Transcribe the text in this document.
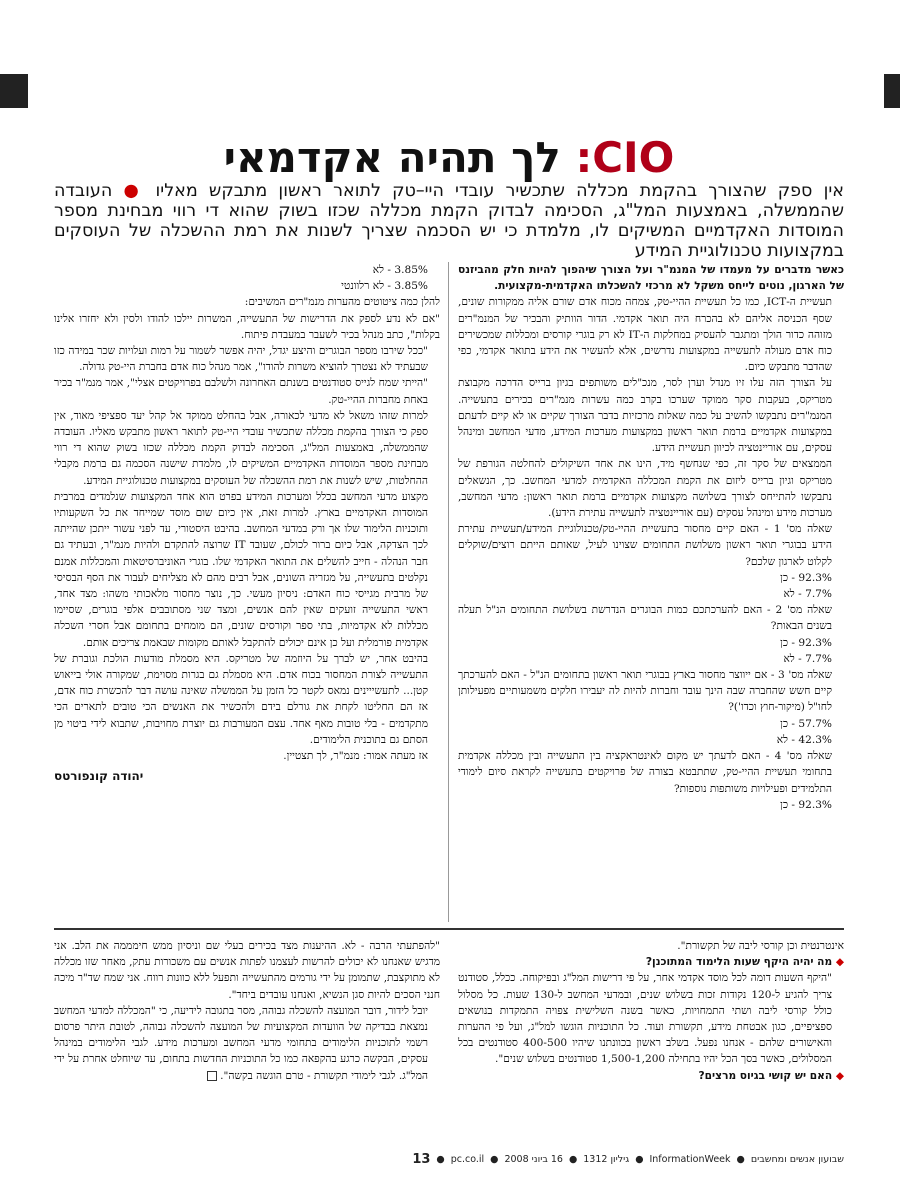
CIO: לך תהיה אקדמאי
אין ספק שהצורך בהקמת מכללה שתכשיר עובדי היי–טק לתואר ראשון מתבקש מאליו ● העובדה שהממשלה, באמצעות המל"ג, הסכימה לבדוק הקמת מכללה שכזו בשוק שהוא די רווי מבחינת מספר המוסדות האקדמיים המשיקים לו, מלמדת כי יש הסכמה שצריך לשנות את רמת ההשכלה של העוסקים במקצועות טכנולוגיית המידע

כאשר מדברים על מעמדו של המנמ"ר ועל הצורך שיהפוך להיות חלק מהביזנס של הארגון, נוטים לייחס משקל לא מרכזי להשכלתו האקדמית-מקצועית.

תעשיית ה-ICT, כמו כל תעשיית ההיי-טק, צמחה מכוח אדם שורם אליה ממקורות שונים, שסף הכניסה אליהם לא בהכרח היה תואר אקדמי. הדור הוותיק והבכיר של המנמ"רים מזוהה כדור הולך ומתגבר להעסיק במחלקות ה-IT לא רק בוגרי קורסים ומכללות שמכשירים כוח אדם מעולה לתעשייה במקצועות נדרשים, אלא להעשיר את הידע בתואר אקדמי, כפי שהדבר מתבקש כיום.

על הצורך הזה עלו זיו מנדל וערן לסר, מנכ"לים משותפים בגיון ברייס הדרכה מקבוצת מטריקס, בעקבות סקר ממוקד שערכו בקרב כמה עשרות מנמ"רים בכירים בתעשייה. המנמ"רים נתבקשו להשיב על כמה שאלות מרכזיות בדבר הצורך שקיים או לא קיים לדעתם במקצועות אקדמיים ברמת תואר ראשון במקצועות מערכות המידע, מדעי המחשב ומינהל עסקים, עם אוריינטציה לכיוון תעשיית הידע.

הממצאים של סקר זה, כפי שנחשף מיד, הינו את אחד השיקולים להחלטה הגורפת של מטריקס וגיון ברייס ליזום את הקמת המכללה האקדמית למדעי המחשב. כך, הנשאלים נתבקשו להתייחס לצורך בשלושה מקצועות אקדמיים ברמת תואר ראשון: מדעי המחשב, מערכות מידע ומינהל עסקים (עם אוריינטציה לתעשייה עתירת הידע).

שאלה מס' 1 - האם קיים מחסור בתעשיית ההיי-טק/טכנולוגיית המידע/תעשיית עתירת הידע בבוגרי תואר ראשון משלושת התחומים שצוינו לעיל, שאותם הייתם רוצים/שוקלים לקלוט לארגון שלכם?

92.3% - כן

7.7% - לא

שאלה מס' 2 - האם להערכתכם כמות הבוגרים הנדרשת בשלושת התחומים הנ"ל תעלה בשנים הבאות?

92.3% - כן

7.7% - לא

שאלה מס' 3 - אם ייווצר מחסור בארץ בבוגרי תואר ראשון בתחומים הנ"ל - האם להערכתך קיים חשש שהחברה שבה הינך עובד וחברות להיות לה יעבירו חלקים משמעותיים מפעילותן לחו"ל (מיקור-חוץ וכדו')?

57.7% - כן

42.3% - לא

שאלה מס' 4 - האם לדעתך יש מקום לאינטראקציה בין התעשייה ובין מכללה אקדמית בתחומי תעשיית ההיי-טק, שתתבטא בצורה של פרויקטים בתעשייה לקראת סיום לימודי התלמידים ופעילויות משותפות נוספות?

92.3% - כן

3.85% - לא

3.85% - לא רלוונטי

להלן כמה ציטוטים מהערות מנמ"רים המשיבים:

"אם לא נדע לספק את הדרישות של התעשייה, המשרות יילכו להודו ולסין ולא יחזרו אלינו בקלות", כתב מנהל בכיר לשעבר במעבדת פיתוח.

"ככל שירבו מספר הבוגרים והיצע יגדל, יהיה אפשר לשמור על רמות ועלויות שכר במידה כזו שבעתיד לא נצטרך להוציא משרות להודו", אמר מנהל כוח אדם בחברת היי-טק גדולה.

"הייתי שמח לגייס סטודנטים בשנתם האחרונה ולשלבם בפרויקטים אצלי", אמר מנמ"ר בכיר באחת מחברות ההיי-טק.

למרות שזהו משאל לא מדעי לכאורה, אבל בהחלט ממוקד אל קהל יעד ספציפי מאוד, אין ספק כי הצורך בהקמת מכללה שתכשיר עובדי היי-טק לתואר ראשון מתבקש מאליו. העובדה שהממשלה, באמצעות המל"ג, הסכימה לבדוק הקמת מכללה שכזו בשוק שהוא די רווי מבחינת מספר המוסדות האקדמיים המשיקים לו, מלמדת שישנה הסכמה גם ברמת מקבלי ההחלטות, שיש לשנות את רמת ההשכלה של העוסקים במקצועות טכנולוגיית המידע.

מקצוע מדעי המחשב בכלל ומערכות המידע בפרט הוא אחד המקצועות שנלמדים במרבית המוסדות האקדמיים בארץ. למרות זאת, אין כיום שום מוסד שמייחד את כל השקעותיו ותוכניות הלימוד שלו אך ורק במדעי המחשב. בהיבט היסטורי, עד לפני עשור ייתכן שהייתה לכך הצדקה, אבל כיום ברור לכולם, שעובד IT שרוצה להתקדם ולהיות מנמ"ר, ובעתיד גם חבר הנהלה - חייב להשלים את התואר האקדמי שלו. בוגרי האוניברסיטאות והמכללות אמנם נקלטים בתעשייה, על מגזריה השונים, אבל רבים מהם לא מצליחים לעבור את הסף הבסיסי של מרבית מגייסי כוח האדם: ניסיון מעשי. כך, נוצר מחסור מלאכותי משהו: מצד אחד, ראשי התעשייה זועקים שאין להם אנשים, ומצד שני מסתובבים אלפי בוגרים, שסיימו מכללות לא אקדמיות, בתי ספר וקורסים שונים, הם מומחים בתחומם אבל חסרי השכלה אקדמית פורמלית ועל כן אינם יכולים להתקבל לאותם מקומות שבאמת צריכים אותם.

בהיבט אחר, יש לברך על היוזמה של מטריקס. היא מסמלת מודעות הולכת וגוברת של התעשייה לצורת המחסור בכוח אדם. היא מסמלת גם בגרות מסוימת, שמקורה אולי בייאוש קטן... לתעשייינים נמאס לקטר כל הזמן על הממשלה שאינה עושה דבר להכשרת כוח אדם, אז הם החליטו לקחת את גורלם בידם ולהכשיר את האנשים הכי טובים לתארים הכי מתקדמים - בלי טובות מאף אחד. עצם המעורבות גם יוצרת מחויבות, שתבוא לידי ביטוי מן הסתם גם בתוכנית הלימודים.

אז מעתה אמור: מנמ"ר, לך תצטיין.

יהודה קונפורטס

אינטרנטית וכן קורסי ליבה של תקשורת".

◆ מה יהיה היקף שעות הלימוד המתוכנן?

"היקף השעות דומה לכל מוסד אקדמי אחר, על פי דרישות המל"ג ובפיקוחה. ככלל, סטודנט צריך להגיע ל-120 נקודות זכות בשלוש שנים, ובמדעי המחשב ל-130 שעות. כל מסלול כולל קורסי ליבה ושתי התמחויות, כאשר בשנה השלישית צפויה התמקדות בנושאים ספציפיים, כגון אבטחת מידע, תקשורת ועוד. כל התוכניות הוגשו למל"ג, ועל פי ההערות והאישורים שלהם - אנחנו נפעל. בשלב ראשון בכוונתנו שיהיו 400-500 סטודנטים בכל המסלולים, כאשר בסך הכל יהיו בתחילה 1,500-1,200 סטודנטים בשלוש שנים".

◆ האם יש קושי בגיוס מרצים?

"להפתעתי הרבה - לא. ההיענות מצד בכירים בעלי שם וניסיון ממש חימממה את הלב. אני מדגיש שאנחנו לא יכולים להרשות לעצמנו לפתות אנשים עם משכורות עתק, מאחר שזו מכללה לא מתוקצבת, שתמומן על ידי גורמים מהתעשייה ותפעל ללא כוונות רווח. אני שמח שד"ר מיכה חנני הסכים להיות סגן הנשיא, ואנחנו עובדים ביחד".

יובל לידור, דובר המועצה להשכלה גבוהה, מסר בתגובה לידיעה, כי "המכללה למדעי המחשב נמצאת בבדיקה של הוועדות המקצועיות של המועצה להשכלה גבוהה, לטובת היתר פרסום רשמי לתוכניות הלימודים בתחומי מדעי המחשב ומערכות מידע. לגבי הלימודים במינהל עסקים, הבקשה כרגע בהקפאה כמו כל התוכניות החדשות בתחום, עד שיוחלט אחרת על ידי המל"ג. לגבי לימודי תקשורת - טרם הוגשה בקשה".

שבועון אנשים ומחשבים
●
InformationWeek
●
גיליון 1312
●
16 ביוני 2008
●
pc.co.il
●
13
